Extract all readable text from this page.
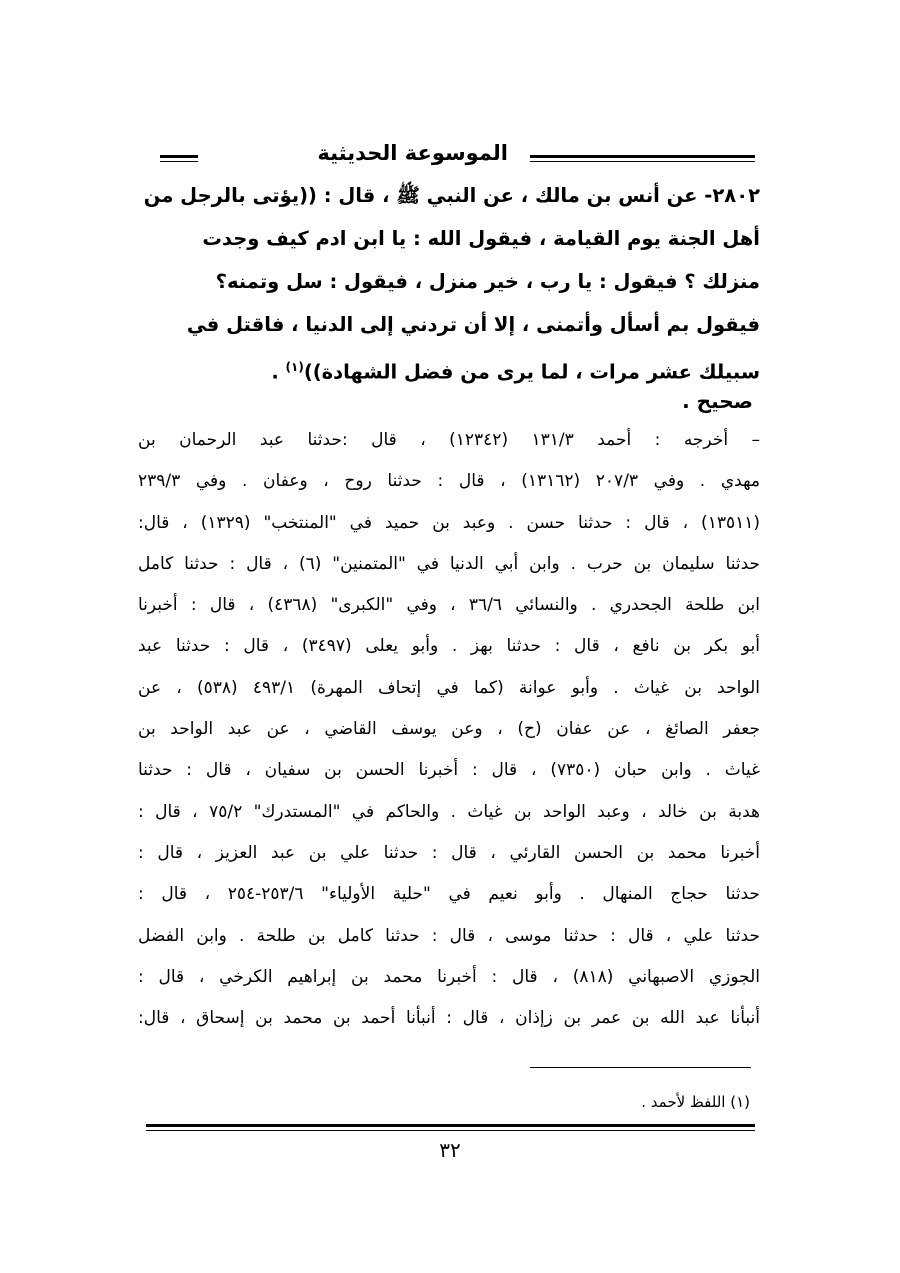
الموسوعة الحديثية

٢٨٠٢- عن أنس بن مالك ، عن النبي ﷺ ، قال : ((يؤتى بالرجل من

أهل الجنة يوم القيامة ، فيقول الله : يا ابن ادم كيف وجدت

منزلك ؟ فيقول : يا رب ، خير منزل ، فيقول : سل وتمنه؟

فيقول بم أسأل وأتمنى ، إلا أن تردني إلى الدنيا ، فاقتل في

سبيلك عشر مرات ، لما يرى من فضل الشهادة))$^{(١)}$ .

صحيح .
– أخرجه : أحمد ١٣١/٣ (١٢٣٤٢) ، قال :حدثنا عبد الرحمان بن
مهدي . وفي ٢٠٧/٣ (١٣١٦٢) ، قال : حدثنا روح ، وعفان . وفي ٢٣٩/٣
(١٣٥١١) ، قال : حدثنا حسن . وعبد بن حميد في "المنتخب" (١٣٢٩) ، قال:
حدثنا سليمان بن حرب . وابن أبي الدنيا في "المتمنين" (٦) ، قال : حدثنا كامل
ابن طلحة الجحدري . والنسائي ٣٦/٦ ، وفي "الكبرى" (٤٣٦٨) ، قال : أخبرنا
أبو بكر بن نافع ، قال : حدثنا بهز . وأبو يعلى (٣٤٩٧) ، قال : حدثنا عبد
الواحد بن غياث . وأبو عوانة (كما في إتحاف المهرة) ٤٩٣/١ (٥٣٨) ، عن
جعفر الصائغ ، عن عفان (ح) ، وعن يوسف القاضي ، عن عبد الواحد بن
غياث . وابن حبان (٧٣٥٠) ، قال : أخبرنا الحسن بن سفيان ، قال : حدثنا
هدبة بن خالد ، وعبد الواحد بن غياث . والحاكم في "المستدرك" ٧٥/٢ ، قال :
أخبرنا محمد بن الحسن القارئي ، قال : حدثنا علي بن عبد العزيز ، قال :
حدثنا حجاج المنهال . وأبو نعيم في "حلية الأولياء" ٢٥٣/٦-٢٥٤ ، قال :
حدثنا علي ، قال : حدثنا موسى ، قال : حدثنا كامل بن طلحة . وابن الفضل
الجوزي الاصبهاني (٨١٨) ، قال : أخبرنا محمد بن إبراهيم الكرخي ، قال :
أنبأنا عبد الله بن عمر بن زإذان ، قال : أنبأنا أحمد بن محمد بن إسحاق ، قال:
(١) اللفظ لأحمد .
٣٢
